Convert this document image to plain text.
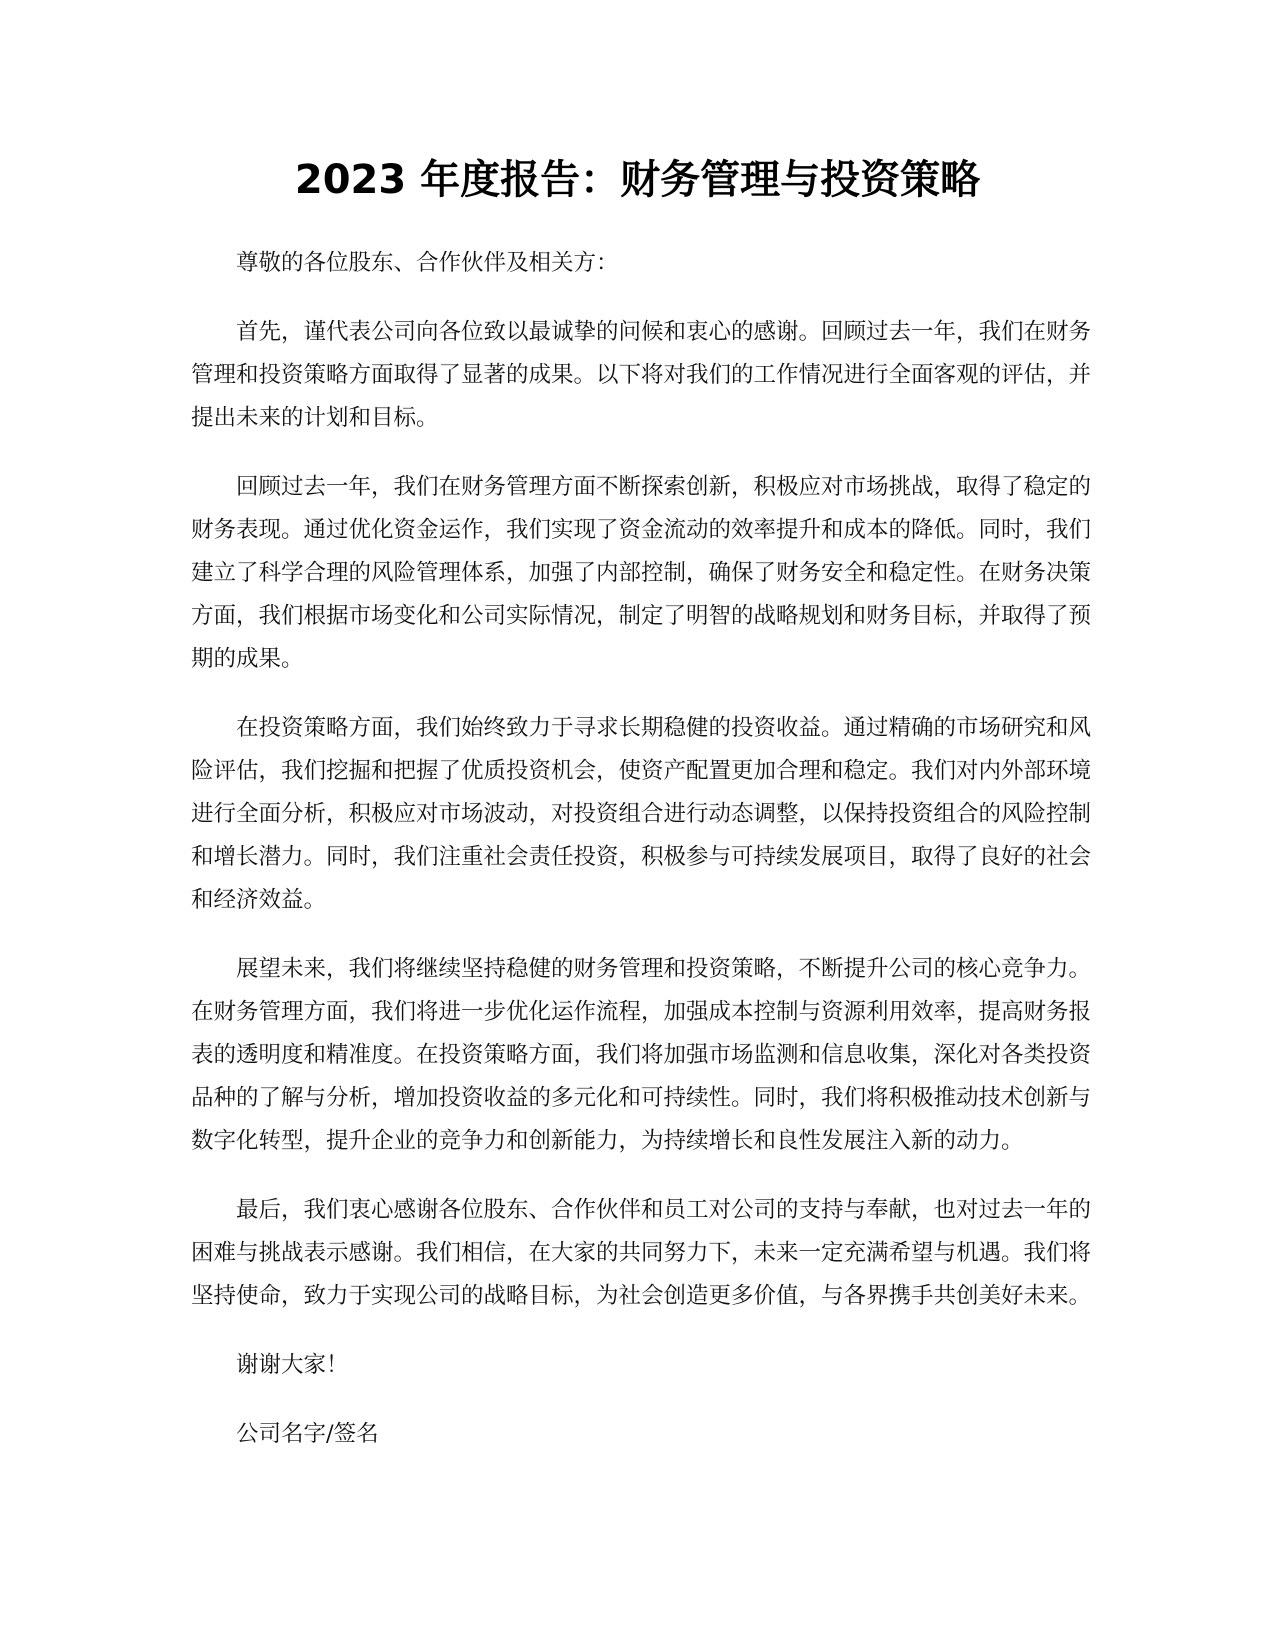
2023 年度报告：财务管理与投资策略

尊敬的各位股东、合作伙伴及相关方：

首先，谨代表公司向各位致以最诚挚的问候和衷心的感谢。回顾过去一年，我们在财务管理和投资策略方面取得了显著的成果。以下将对我们的工作情况进行全面客观的评估，并提出未来的计划和目标。

回顾过去一年，我们在财务管理方面不断探索创新，积极应对市场挑战，取得了稳定的财务表现。通过优化资金运作，我们实现了资金流动的效率提升和成本的降低。同时，我们建立了科学合理的风险管理体系，加强了内部控制，确保了财务安全和稳定性。在财务决策方面，我们根据市场变化和公司实际情况，制定了明智的战略规划和财务目标，并取得了预期的成果。

在投资策略方面，我们始终致力于寻求长期稳健的投资收益。通过精确的市场研究和风险评估，我们挖掘和把握了优质投资机会，使资产配置更加合理和稳定。我们对内外部环境进行全面分析，积极应对市场波动，对投资组合进行动态调整，以保持投资组合的风险控制和增长潜力。同时，我们注重社会责任投资，积极参与可持续发展项目，取得了良好的社会和经济效益。

展望未来，我们将继续坚持稳健的财务管理和投资策略，不断提升公司的核心竞争力。在财务管理方面，我们将进一步优化运作流程，加强成本控制与资源利用效率，提高财务报表的透明度和精准度。在投资策略方面，我们将加强市场监测和信息收集，深化对各类投资品种的了解与分析，增加投资收益的多元化和可持续性。同时，我们将积极推动技术创新与数字化转型，提升企业的竞争力和创新能力，为持续增长和良性发展注入新的动力。

最后，我们衷心感谢各位股东、合作伙伴和员工对公司的支持与奉献，也对过去一年的困难与挑战表示感谢。我们相信，在大家的共同努力下，未来一定充满希望与机遇。我们将坚持使命，致力于实现公司的战略目标，为社会创造更多价值，与各界携手共创美好未来。

谢谢大家！

公司名字/签名
